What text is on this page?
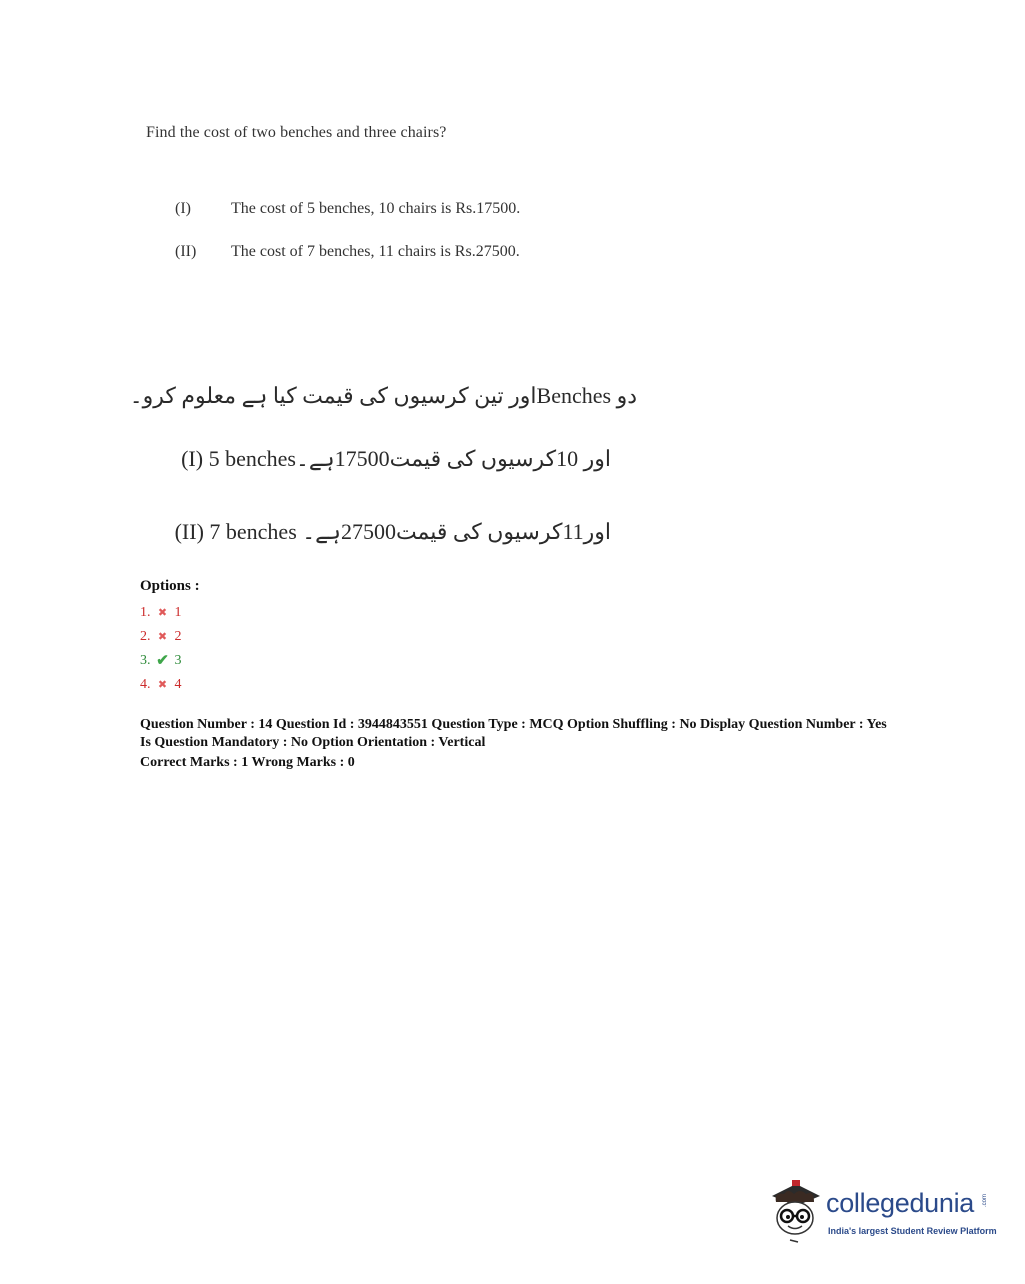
Find the cost of two benches and three chairs?
(I)	The cost of 5 benches, 10 chairs is Rs.17500.
(II) The cost of 7 benches, 11 chairs is Rs.27500.
دو Benchesاور تین کرسیوں کی قیمت کیا ہے معلوم کرو۔
(I) 5 benchesاور 10کرسیوں کی قیمت17500ہے۔
(II) 7 benches اور11کرسیوں کی قیمت27500ہے۔
Options :
1. ✖ 1
2. ✖ 2
3. ✔ 3
4. ✖ 4
Question Number : 14 Question Id : 3944843551 Question Type : MCQ Option Shuffling : No Display Question Number : Yes Is Question Mandatory : No Option Orientation : Vertical
Correct Marks : 1 Wrong Marks : 0
collegedunia .com
India's largest Student Review Platform
